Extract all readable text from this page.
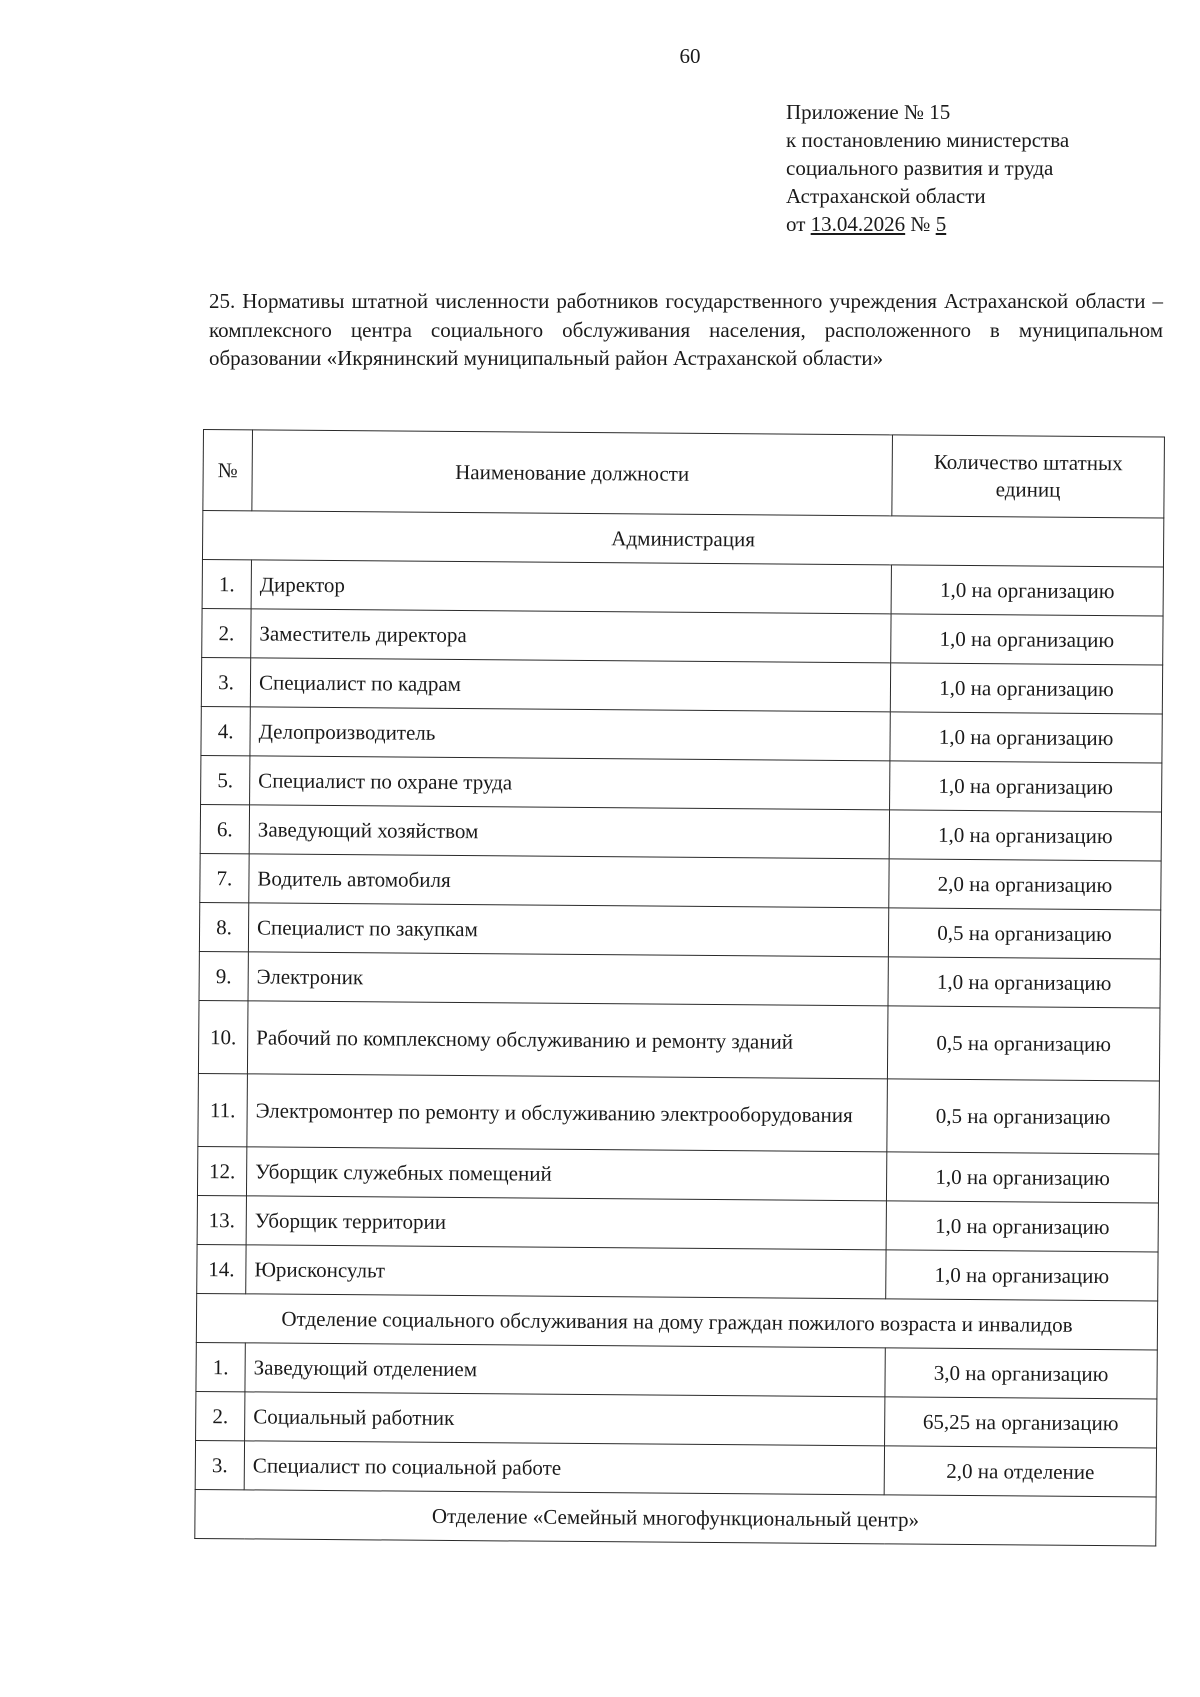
60
Приложение № 15
к постановлению министерства
социального развития и труда
Астраханской области
от 13.04.2026 № 5
25. Нормативы штатной численности работников государственного учреждения Астраханской области – комплексного центра социального обслуживания населения, расположенного в муниципальном образовании «Икрянинский муниципальный район Астраханской области»
№	Наименование должности	Количество штатных единиц
Администрация		
1.	Директор	1,0 на организацию
2.	Заместитель директора	1,0 на организацию
3.	Специалист по кадрам	1,0 на организацию
4.	Делопроизводитель	1,0 на организацию
5.	Специалист по охране труда	1,0 на организацию
6.	Заведующий хозяйством	1,0 на организацию
7.	Водитель автомобиля	2,0 на организацию
8.	Специалист по закупкам	0,5 на организацию
9.	Электроник	1,0 на организацию
10.	Рабочий по комплексному обслуживанию и ремонту зданий	0,5 на организацию
11.	Электромонтер по ремонту и обслуживанию электрооборудования	0,5 на организацию
12.	Уборщик служебных помещений	1,0 на организацию
13.	Уборщик территории	1,0 на организацию
14.	Юрисконсульт	1,0 на организацию
Отделение социального обслуживания на дому граждан пожилого возраста и инвалидов		
1.	Заведующий отделением	3,0 на организацию
2.	Социальный работник	65,25 на организацию
3.	Специалист по социальной работе	2,0 на отделение
Отделение «Семейный многофункциональный центр»		
